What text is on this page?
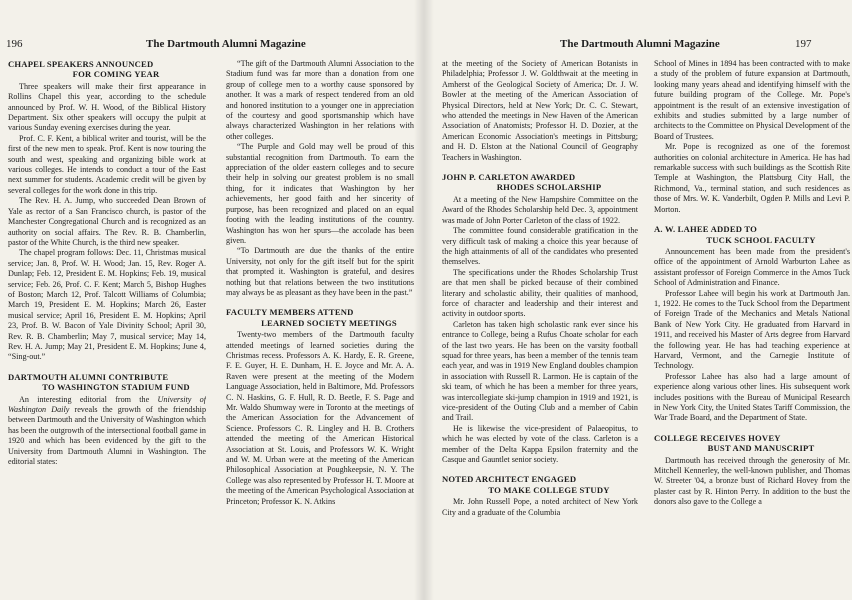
196	The Dartmouth Alumni Magazine
CHAPEL SPEAKERS ANNOUNCED
FOR COMING YEAR

Three speakers will make their first appearance in Rollins Chapel this year, according to the schedule announced by Prof. W. H. Wood, of the Biblical History Department. Six other speakers will occupy the pulpit at various Sunday evening exercises during the year.

Prof. C. F. Kent, a biblical writer and tourist, will be the first of the new men to speak. Prof. Kent is now touring the south and west, speaking and organizing bible work at various colleges. He intends to conduct a tour of the East next summer for students. Academic credit will be given by several colleges for the work done in this trip.

The Rev. H. A. Jump, who succeeded Dean Brown of Yale as rector of a San Francisco church, is pastor of the Manchester Congregational Church and is recognized as an authority on social affairs. The Rev. R. B. Chamberlin, pastor of the White Church, is the third new speaker.

The chapel program follows: Dec. 11, Christmas musical service; Jan. 8, Prof. W. H. Wood; Jan. 15, Rev. Roger A. Dunlap; Feb. 12, President E. M. Hopkins; Feb. 19, musical service; Feb. 26, Prof. C. F. Kent; March 5, Bishop Hughes of Boston; March 12, Prof. Talcott Williams of Columbia; March 19, President E. M. Hopkins; March 26, Easter musical service; April 16, President E. M. Hopkins; April 23, Prof. B. W. Bacon of Yale Divinity School; April 30, Rev. R. B. Chamberlin; May 7, musical service; May 14, Rev. H. A. Jump; May 21, President E. M. Hopkins; June 4, “Sing-out.”

DARTMOUTH ALUMNI CONTRIBUTE
TO WASHINGTON STADIUM FUND

An interesting editorial from the University of Washington Daily reveals the growth of the friendship between Dartmouth and the University of Washington which has been the outgrowth of the intersectional football game in 1920 and which has been evidenced by the gift to the University from Dartmouth Alumni in Washington. The editorial states:

“The gift of the Dartmouth Alumni Association to the Stadium fund was far more than a donation from one group of college men to a worthy cause sponsored by another. It was a mark of respect tendered from an old and honored institution to a younger one in appreciation of the courtesy and good sportsmanship which have always characterized Washington in her relations with other colleges.

“The Purple and Gold may well be proud of this substantial recognition from Dartmouth. To earn the appreciation of the older eastern colleges and to secure their help in solving our greatest problem is no small thing, for it indicates that Washington by her achievements, her good faith and her sincerity of purpose, has been recognized and placed on an equal footing with the leading institutions of the country. Washington has won her spurs—the accolade has been given.

“To Dartmouth are due the thanks of the entire University, not only for the gift itself but for the spirit that prompted it. Washington is grateful, and desires nothing but that relations between the two institutions may always be as pleasant as they have been in the past.”

FACULTY MEMBERS ATTEND
LEARNED SOCIETY MEETINGS

Twenty-two members of the Dartmouth faculty attended meetings of learned societies during the Christmas recess. Professors A. K. Hardy, E. R. Greene, F. E. Guyer, H. E. Dunham, H. E. Joyce and Mr. A. A. Raven were present at the meeting of the Modern Language Association, held in Baltimore, Md. Professors C. N. Haskins, G. F. Hull, R. D. Beetle, F. S. Page and Mr. Waldo Shumway were in Toronto at the meetings of the American Association for the Advancement of Science. Professors C. R. Lingley and H. B. Crothers attended the meeting of the American Historical Association at St. Louis, and Professors W. K. Wright and W. M. Urban were at the meeting of the American Philosophical Association at Poughkeepsie, N. Y. The College was also represented by Professor H. T. Moore at the meeting of the American Psychological Association at Princeton; Professor K. N. Atkins

The Dartmouth Alumni Magazine	197

at the meeting of the Society of American Botanists in Philadelphia; Professor J. W. Goldthwait at the meeting in Amherst of the Geological Society of America; Dr. J. W. Bowler at the meeting of the American Association of Physical Directors, held at New York; Dr. C. C. Stewart, who attended the meetings in New Haven of the American Association of Anatomists; Professor H. D. Dozier, at the American Economic Association's meetings in Pittsburg; and H. D. Elston at the National Council of Geography Teachers in Washington.

JOHN P. CARLETON AWARDED
RHODES SCHOLARSHIP

At a meeting of the New Hampshire Committee on the Award of the Rhodes Scholarship held Dec. 3, appointment was made of John Porter Carleton of the class of 1922.

The committee found considerable gratification in the very difficult task of making a choice this year because of the high attainments of all of the candidates who presented themselves.

The specifications under the Rhodes Scholarship Trust are that men shall be picked because of their combined literary and scholastic ability, their qualities of manhood, force of character and leadership and their interest and activity in outdoor sports.

Carleton has taken high scholastic rank ever since his entrance to College, being a Rufus Choate scholar for each of the last two years. He has been on the varsity football squad for three years, has been a member of the tennis team each year, and was in 1919 New England doubles champion in association with Russell R. Larmon. He is captain of the ski team, of which he has been a member for three years, was intercollegiate ski-jump champion in 1919 and 1921, is vice-president of the Outing Club and a member of Cabin and Trail.

He is likewise the vice-president of Palaeopitus, to which he was elected by vote of the class. Carleton is a member of the Delta Kappa Epsilon fraternity and the Casque and Gauntlet senior society.

NOTED ARCHITECT ENGAGED
TO MAKE COLLEGE STUDY

Mr. John Russell Pope, a noted architect of New York City and a graduate of the Columbia

School of Mines in 1894 has been contracted with to make a study of the problem of future expansion at Dartmouth, looking many years ahead and identifying himself with the future building program of the College. Mr. Pope's appointment is the result of an extensive investigation of exhibits and studies submitted by a large number of architects to the Committee on Physical Development of the Board of Trustees.

Mr. Pope is recognized as one of the foremost authorities on colonial architecture in America. He has had remarkable success with such buildings as the Scottish Rite Temple at Washington, the Plattsburg City Hall, the Richmond, Va., terminal station, and such residences as those of Mrs. W. K. Vanderbilt, Ogden P. Mills and Levi P. Morton.

A. W. LAHEE ADDED TO
TUCK SCHOOL FACULTY

Announcement has been made from the president's office of the appointment of Arnold Warburton Lahee as assistant professor of Foreign Commerce in the Amos Tuck School of Administration and Finance.

Professor Lahee will begin his work at Dartmouth Jan. 1, 1922. He comes to the Tuck School from the Department of Foreign Trade of the Mechanics and Metals National Bank of New York City. He graduated from Harvard in 1911, and received his Master of Arts degree from Harvard the following year. He has had teaching experience at Harvard, Vermont, and the Carnegie Institute of Technology.

Professor Lahee has also had a large amount of experience along various other lines. His subsequent work includes positions with the Bureau of Municipal Research in New York City, the United States Tariff Commission, the War Trade Board, and the Department of State.

COLLEGE RECEIVES HOVEY
BUST AND MANUSCRIPT

Dartmouth has received through the generosity of Mr. Mitchell Kennerley, the well-known publisher, and Thomas W. Streeter '04, a bronze bust of Richard Hovey from the plaster cast by R. Hinton Perry. In addition to the bust the donors also gave to the College a
